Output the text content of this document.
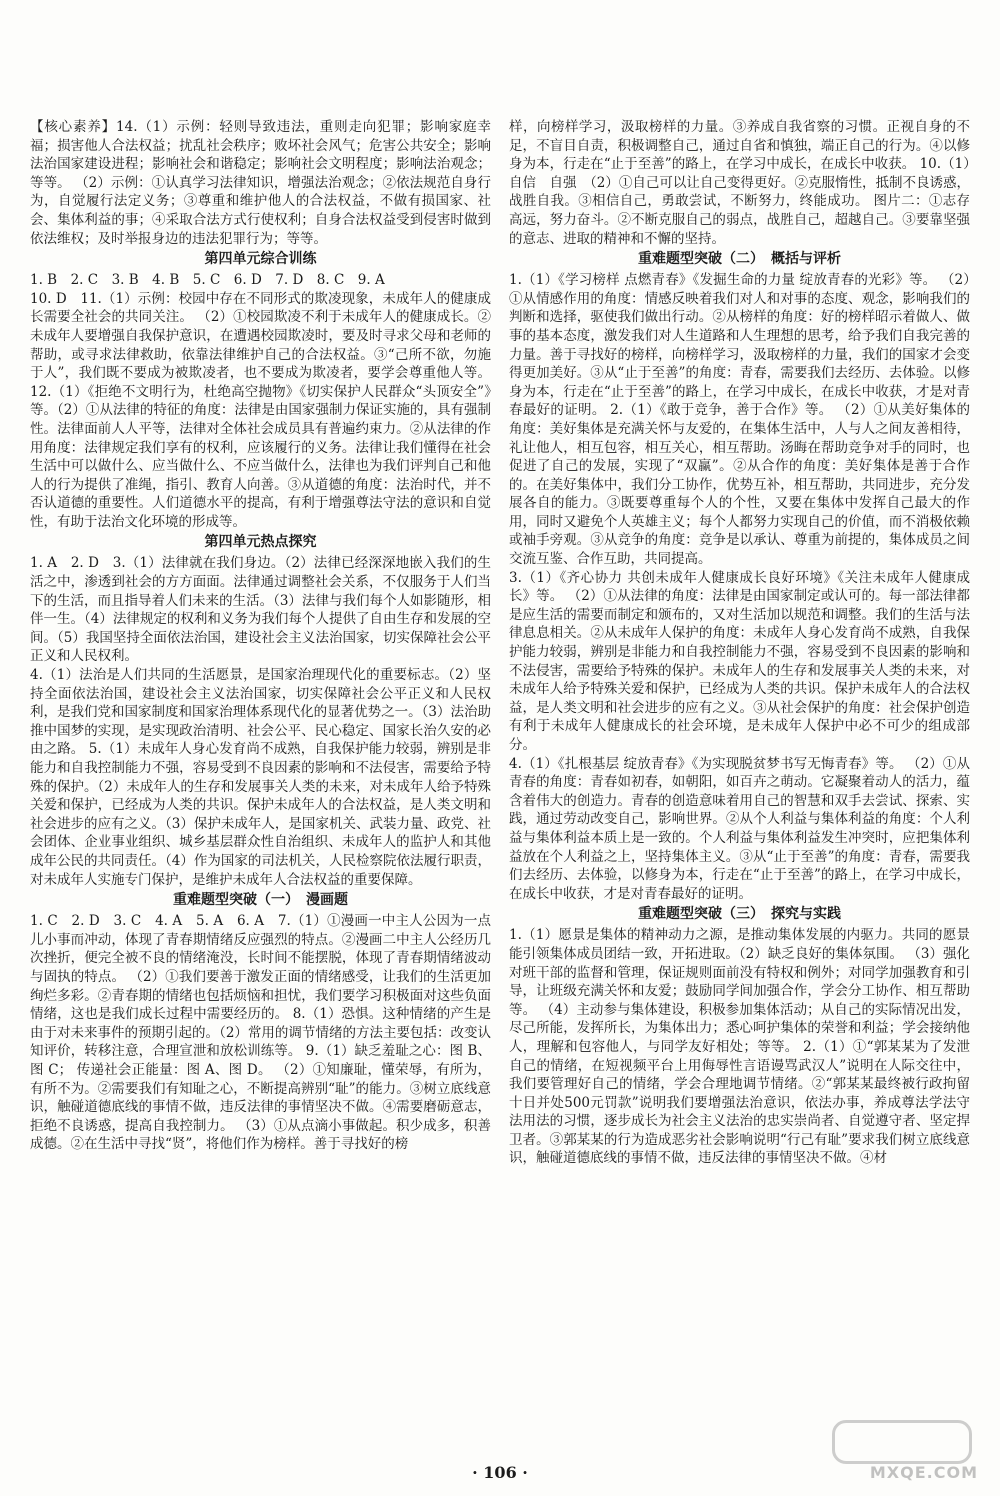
【核心素养】14.（1）示例：轻则导致违法，重则走向犯罪；影响家庭幸福；损害他人合法权益；扰乱社会秩序；败坏社会风气；危害公共安全；影响法治国家建设进程；影响社会和谐稳定；影响社会文明程度；影响法治观念；等等。 （2）示例：①认真学习法律知识，增强法治观念；②依法规范自身行为，自觉履行法定义务；③尊重和维护他人的合法权益，不做有损国家、社会、集体利益的事；④采取合法方式行使权利；自身合法权益受到侵害时做到依法维权；及时举报身边的违法犯罪行为；等等。

第四单元综合训练

1. B　2. C　3. B　4. B　5. C　6. D　7. D　8. C　9. A

10. D　11.（1）示例：校园中存在不同形式的欺凌现象，未成年人的健康成长需要全社会的共同关注。 （2）①校园欺凌不利于未成年人的健康成长。②未成年人要增强自我保护意识，在遭遇校园欺凌时，要及时寻求父母和老师的帮助，或寻求法律救助，依靠法律维护自己的合法权益。③“己所不欲，勿施于人”，我们既不要成为被欺凌者，也不要成为欺凌者，要学会尊重他人等。 12.（1）《拒绝不文明行为，杜绝高空抛物》《切实保护人民群众“头顶安全”》等。（2）①从法律的特征的角度：法律是由国家强制力保证实施的，具有强制性。法律面前人人平等，法律对全体社会成员具有普遍约束力。②从法律的作用角度：法律规定我们享有的权利，应该履行的义务。法律让我们懂得在社会生活中可以做什么、应当做什么、不应当做什么，法律也为我们评判自己和他人的行为提供了准绳，指引、教育人向善。③从道德的角度：法治时代，并不否认道德的重要性。人们道德水平的提高，有利于增强尊法守法的意识和自觉性，有助于法治文化环境的形成等。

第四单元热点探究

1. A　2. D　3.（1）法律就在我们身边。（2）法律已经深深地嵌入我们的生活之中，渗透到社会的方方面面。法律通过调整社会关系，不仅服务于人们当下的生活，而且指导着人们未来的生活。（3）法律与我们每个人如影随形，相伴一生。（4）法律规定的权利和义务为我们每个人提供了自由生存和发展的空间。（5）我国坚持全面依法治国，建设社会主义法治国家，切实保障社会公平正义和人民权利。

4.（1）法治是人们共同的生活愿景，是国家治理现代化的重要标志。（2）坚持全面依法治国，建设社会主义法治国家，切实保障社会公平正义和人民权利，是我们党和国家制度和国家治理体系现代化的显著优势之一。（3）法治助推中国梦的实现，是实现政治清明、社会公平、民心稳定、国家长治久安的必由之路。 5.（1）未成年人身心发育尚不成熟，自我保护能力较弱，辨别是非能力和自我控制能力不强，容易受到不良因素的影响和不法侵害，需要给予特殊的保护。（2）未成年人的生存和发展事关人类的未来，对未成年人给予特殊关爱和保护，已经成为人类的共识。保护未成年人的合法权益，是人类文明和社会进步的应有之义。（3）保护未成年人，是国家机关、武装力量、政党、社会团体、企业事业组织、城乡基层群众性自治组织、未成年人的监护人和其他成年公民的共同责任。（4）作为国家的司法机关，人民检察院依法履行职责，对未成年人实施专门保护，是维护未成年人合法权益的重要保障。

重难题型突破（一）　漫画题

1. C　2. D　3. C　4. A　5. A　6. A　7.（1）①漫画一中主人公因为一点儿小事而冲动，体现了青春期情绪反应强烈的特点。②漫画二中主人公经历几次挫折，便完全被不良的情绪淹没，长时间不能摆脱，体现了青春期情绪波动与固执的特点。 （2）①我们要善于激发正面的情绪感受，让我们的生活更加绚烂多彩。②青春期的情绪也包括烦恼和担忧，我们要学习积极面对这些负面情绪，这也是我们成长过程中需要经历的。 8.（1）恐惧。这种情绪的产生是由于对未来事件的预期引起的。（2）常用的调节情绪的方法主要包括：改变认知评价，转移注意，合理宣泄和放松训练等。 9.（1）缺乏羞耻之心：图 B、图 C； 传递社会正能量：图 A、图 D。 （2）①知廉耻，懂荣辱，有所为，有所不为。②需要我们有知耻之心，不断提高辨别“耻”的能力。③树立底线意识，触碰道德底线的事情不做，违反法律的事情坚决不做。④需要磨砺意志，拒绝不良诱惑，提高自我控制力。 （3）①从点滴小事做起。积少成多，积善成德。②在生活中寻找“贤”，将他们作为榜样。善于寻找好的榜

样，向榜样学习，汲取榜样的力量。③养成自我省察的习惯。正视自身的不足，不盲目自责，积极调整自己，通过自省和慎独，端正自己的行为。④以修身为本，行走在“止于至善”的路上，在学习中成长，在成长中收获。 10.（1）自信　自强　（2）①自己可以让自己变得更好。②克服惰性，抵制不良诱惑，战胜自我。③相信自己，勇敢尝试，不断努力，终能成功。 图片二：①志存高远，努力奋斗。②不断克服自己的弱点，战胜自己，超越自己。③要靠坚强的意志、进取的精神和不懈的坚持。

重难题型突破（二）　概括与评析

1.（1）《学习榜样 点燃青春》《发掘生命的力量 绽放青春的光彩》等。 （2）①从情感作用的角度：情感反映着我们对人和对事的态度、观念，影响我们的判断和选择，驱使我们做出行动。②从榜样的角度：好的榜样昭示着做人、做事的基本态度，激发我们对人生道路和人生理想的思考，给予我们自我完善的力量。善于寻找好的榜样，向榜样学习，汲取榜样的力量，我们的国家才会变得更加美好。③从“止于至善”的角度：青春，需要我们去经历、去体验。以修身为本，行走在“止于至善”的路上，在学习中成长，在成长中收获，才是对青春最好的证明。 2.（1）《敢于竞争，善于合作》等。 （2）①从美好集体的角度：美好集体是充满关怀与友爱的，在集体生活中，人与人之间友善相待，礼让他人，相互包容，相互关心，相互帮助。汤晦在帮助竞争对手的同时，也促进了自己的发展，实现了“双赢”。②从合作的角度：美好集体是善于合作的。在美好集体中，我们分工协作，优势互补，相互帮助，共同进步，充分发展各自的能力。③既要尊重每个人的个性，又要在集体中发挥自己最大的作用，同时又避免个人英雄主义；每个人都努力实现自己的价值，而不消极依赖或袖手旁观。③从竞争的角度：竞争是以承认、尊重为前提的，集体成员之间交流互鉴、合作互助，共同提高。

3.（1）《齐心协力 共创未成年人健康成长良好环境》《关注未成年人健康成长》等。 （2）①从法律的角度：法律是由国家制定或认可的。每一部法律都是应生活的需要而制定和颁布的，又对生活加以规范和调整。我们的生活与法律息息相关。②从未成年人保护的角度：未成年人身心发育尚不成熟，自我保护能力较弱，辨别是非能力和自我控制能力不强，容易受到不良因素的影响和不法侵害，需要给予特殊的保护。未成年人的生存和发展事关人类的未来，对未成年人给予特殊关爱和保护，已经成为人类的共识。保护未成年人的合法权益，是人类文明和社会进步的应有之义。③从社会保护的角度：社会保护创造有利于未成年人健康成长的社会环境，是未成年人保护中必不可少的组成部分。

4.（1）《扎根基层 绽放青春》《为实现脱贫梦书写无悔青春》等。 （2）①从青春的角度：青春如初春，如朝阳，如百卉之萌动。它凝聚着动人的活力，蕴含着伟大的创造力。青春的创造意味着用自己的智慧和双手去尝试、探索、实践，通过劳动改变自己，影响世界。②从个人利益与集体利益的角度：个人利益与集体利益本质上是一致的。个人利益与集体利益发生冲突时，应把集体利益放在个人利益之上，坚持集体主义。③从“止于至善”的角度：青春，需要我们去经历、去体验，以修身为本，行走在“止于至善”的路上，在学习中成长，在成长中收获，才是对青春最好的证明。

重难题型突破（三）　探究与实践

1.（1）愿景是集体的精神动力之源，是推动集体发展的内驱力。共同的愿景能引领集体成员团结一致，开拓进取。（2）缺乏良好的集体氛围。 （3）强化对班干部的监督和管理，保证规则面前没有特权和例外；对同学加强教育和引导，让班级充满关怀和友爱；鼓励同学间加强合作，学会分工协作、相互帮助等。 （4）主动参与集体建设，积极参加集体活动；从自己的实际情况出发，尽己所能，发挥所长，为集体出力；悉心呵护集体的荣誉和利益；学会接纳他人，理解和包容他人，与同学友好相处；等等。 2.（1）①“郭某某为了发泄自己的情绪，在短视频平台上用侮辱性言语谩骂武汉人”说明在人际交往中，我们要管理好自己的情绪，学会合理地调节情绪。②“郭某某最终被行政拘留十日并处500元罚款”说明我们要增强法治意识，依法办事，养成尊法学法守法用法的习惯，逐步成长为社会主义法治的忠实崇尚者、自觉遵守者、坚定捍卫者。③郭某某的行为造成恶劣社会影响说明“行己有耻”要求我们树立底线意识，触碰道德底线的事情不做，违反法律的事情坚决不做。④材

· 106 ·	MXQE.COM
